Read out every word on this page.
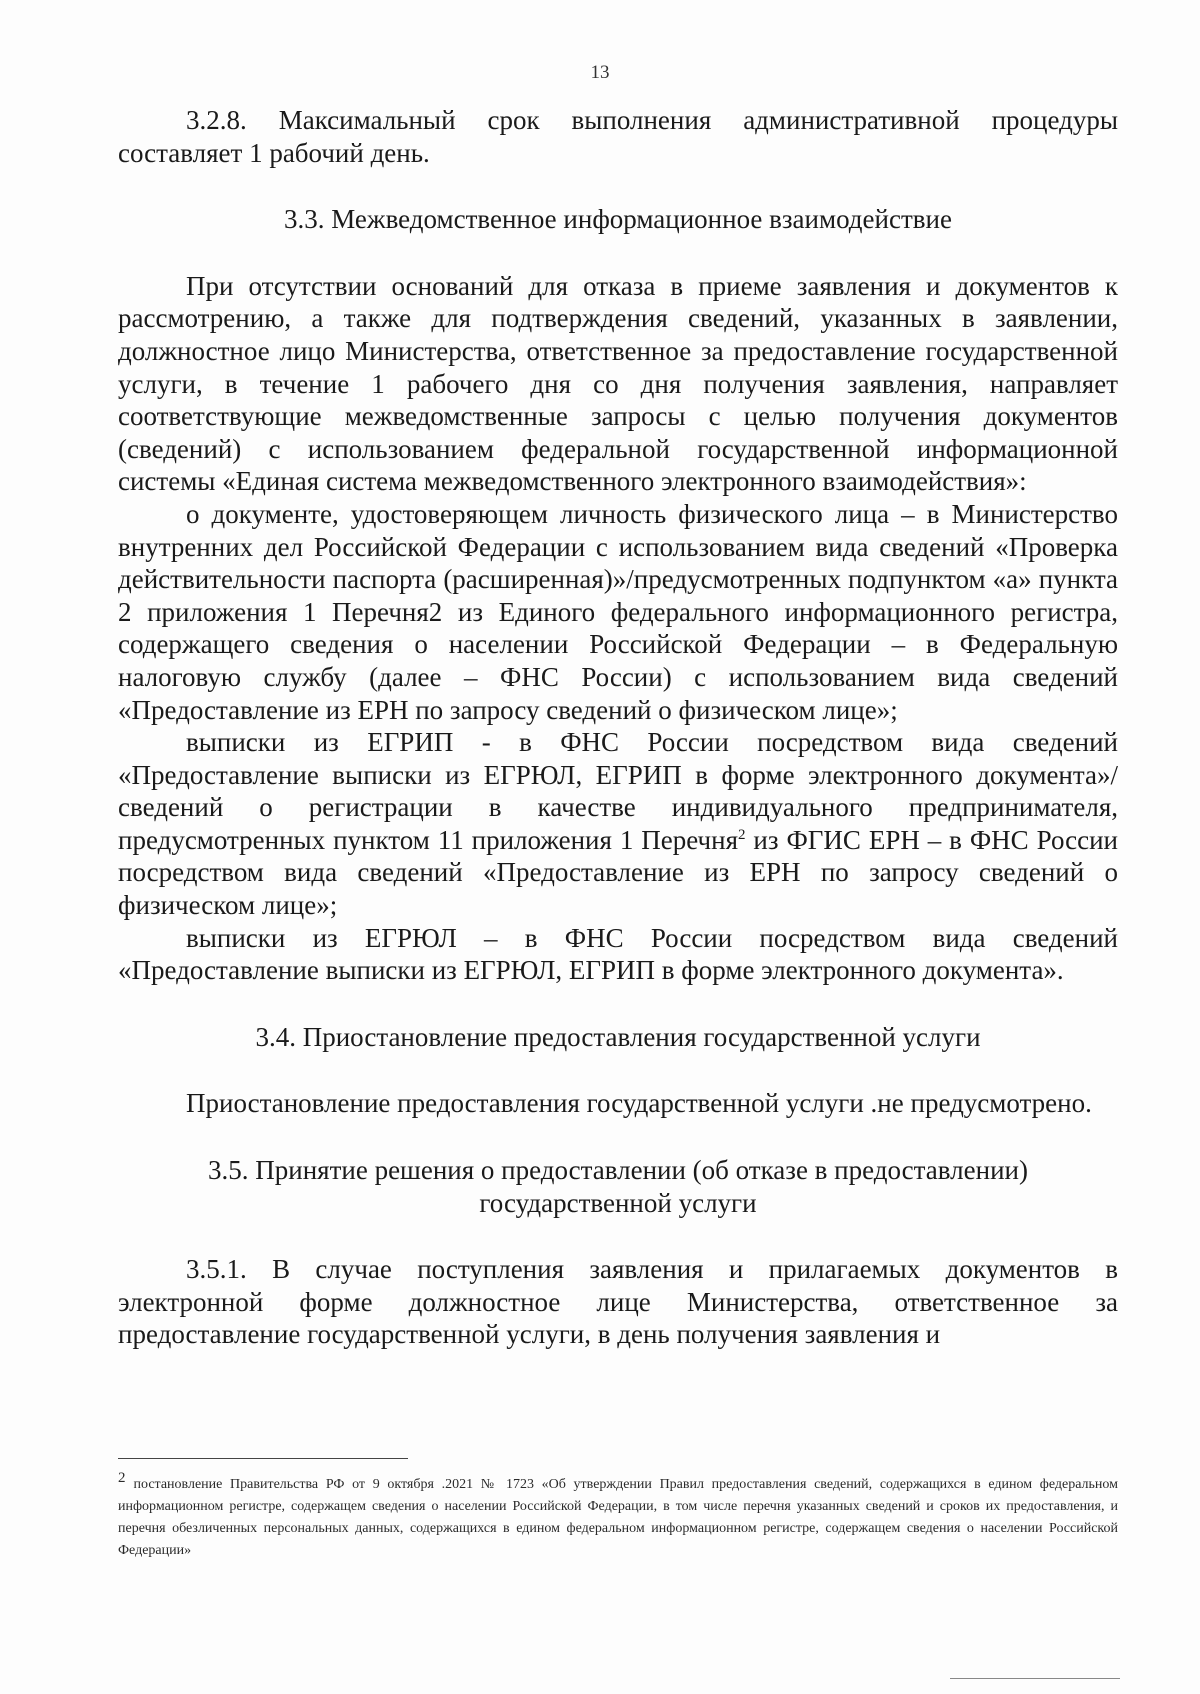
13

3.2.8. Максимальный срок выполнения административной процедуры составляет 1 рабочий день.

3.3. Межведомственное информационное взаимодействие

При отсутствии оснований для отказа в приеме заявления и документов к рассмотрению, а также для подтверждения сведений, указанных в заявлении, должностное лицо Министерства, ответственное за предоставление государственной услуги, в течение 1 рабочего дня со дня получения заявления, направляет соответствующие межведомственные запросы с целью получения документов (сведений) с использованием федеральной государственной информационной системы «Единая система межведомственного электронного взаимодействия»:

о документе, удостоверяющем личность физического лица – в Министерство внутренних дел Российской Федерации с использованием вида сведений «Проверка действительности паспорта (расширенная)»/предусмотренных подпунктом «а» пункта 2 приложения 1 Перечня2 из Единого федерального информационного регистра, содержащего сведения о населении Российской Федерации – в Федеральную налоговую службу (далее – ФНС России) с использованием вида сведений «Предоставление из ЕРН по запросу сведений о физическом лице»;

выписки из ЕГРИП - в ФНС России посредством вида сведений «Предоставление выписки из ЕГРЮЛ, ЕГРИП в форме электронного документа»/сведений о регистрации в качестве индивидуального предпринимателя, предусмотренных пунктом 11 приложения 1 Перечня$^2$ из ФГИС ЕРН – в ФНС России посредством вида сведений «Предоставление из ЕРН по запросу сведений о физическом лице»;

выписки из ЕГРЮЛ – в ФНС России посредством вида сведений «Предоставление выписки из ЕГРЮЛ, ЕГРИП в форме электронного документа».

3.4. Приостановление предоставления государственной услуги

Приостановление предоставления государственной услуги .не предусмотрено.

3.5. Принятие решения о предоставлении (об отказе в предоставлении)

государственной услуги

3.5.1. В случае поступления заявления и прилагаемых документов в электронной форме должностное лице Министерства, ответственное за предоставление государственной услуги, в день получения заявления и

$^2$ постановление Правительства РФ от 9 октября .2021 № 1723 «Об утверждении Правил предоставления сведений, содержащихся в едином федеральном информационном регистре, содержащем сведения о населении Российской Федерации, в том числе перечня указанных сведений и сроков их предоставления, и перечня обезличенных персональных данных, содержащихся в едином федеральном информационном регистре, содержащем сведения о населении Российской Федерации»
